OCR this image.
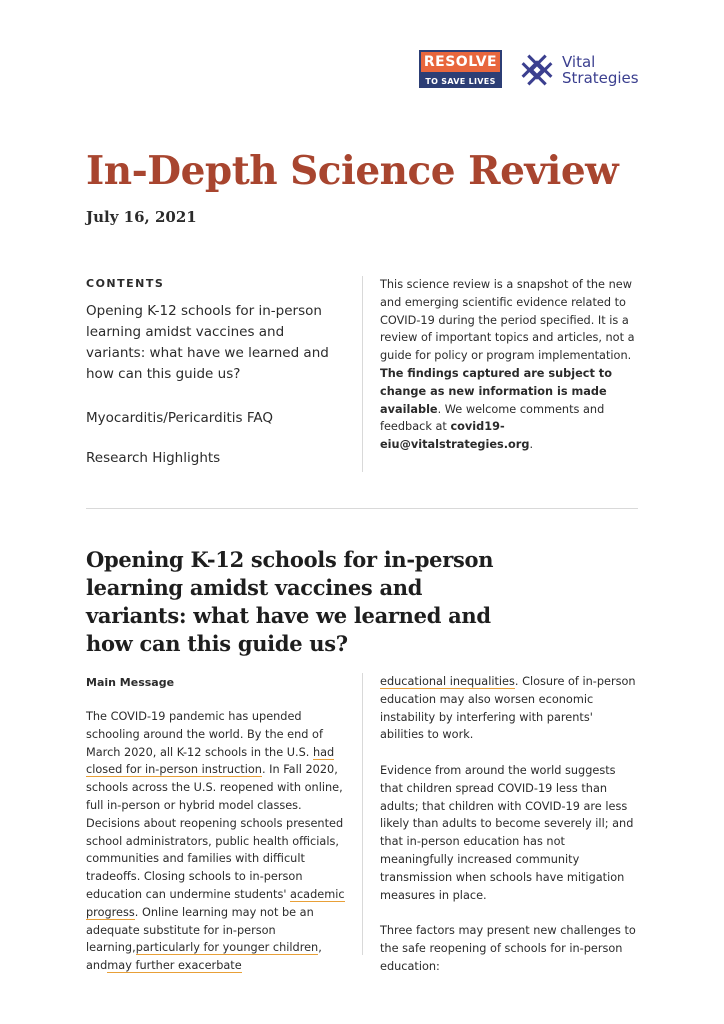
RESOLVE
TO SAVE LIVES
Vital
Strategies
In-Depth Science Review
July 16, 2021
CONTENTS
Opening K-12 schools for in-person learning amidst vaccines and variants: what have we learned and how can this guide us?
Myocarditis/Pericarditis FAQ
Research Highlights
This science review is a snapshot of the new and emerging scientific evidence related to COVID-19 during the period specified. It is a review of important topics and articles, not a guide for policy or program implementation. The findings captured are subject to change as new information is made available. We welcome comments and feedback at covid19-eiu@vitalstrategies.org.
Opening K-12 schools for in-person learning amidst vaccines and variants: what have we learned and how can this guide us?
Main Message
The COVID-19 pandemic has upended schooling around the world. By the end of March 2020, all K-12 schools in the U.S. had closed for in-person instruction. In Fall 2020, schools across the U.S. reopened with online, full in-person or hybrid model classes. Decisions about reopening schools presented school administrators, public health officials, communities and families with difficult tradeoffs. Closing schools to in-person education can undermine students' academic progress. Online learning may not be an adequate substitute for in-person learning,particularly for younger children, andmay further exacerbate

educational inequalities. Closure of in-person education may also worsen economic instability by interfering with parents' abilities to work.

Evidence from around the world suggests that children spread COVID-19 less than adults; that children with COVID-19 are less likely than adults to become severely ill; and that in-person education has not meaningfully increased community transmission when schools have mitigation measures in place.

Three factors may present new challenges to the safe reopening of schools for in-person education:
